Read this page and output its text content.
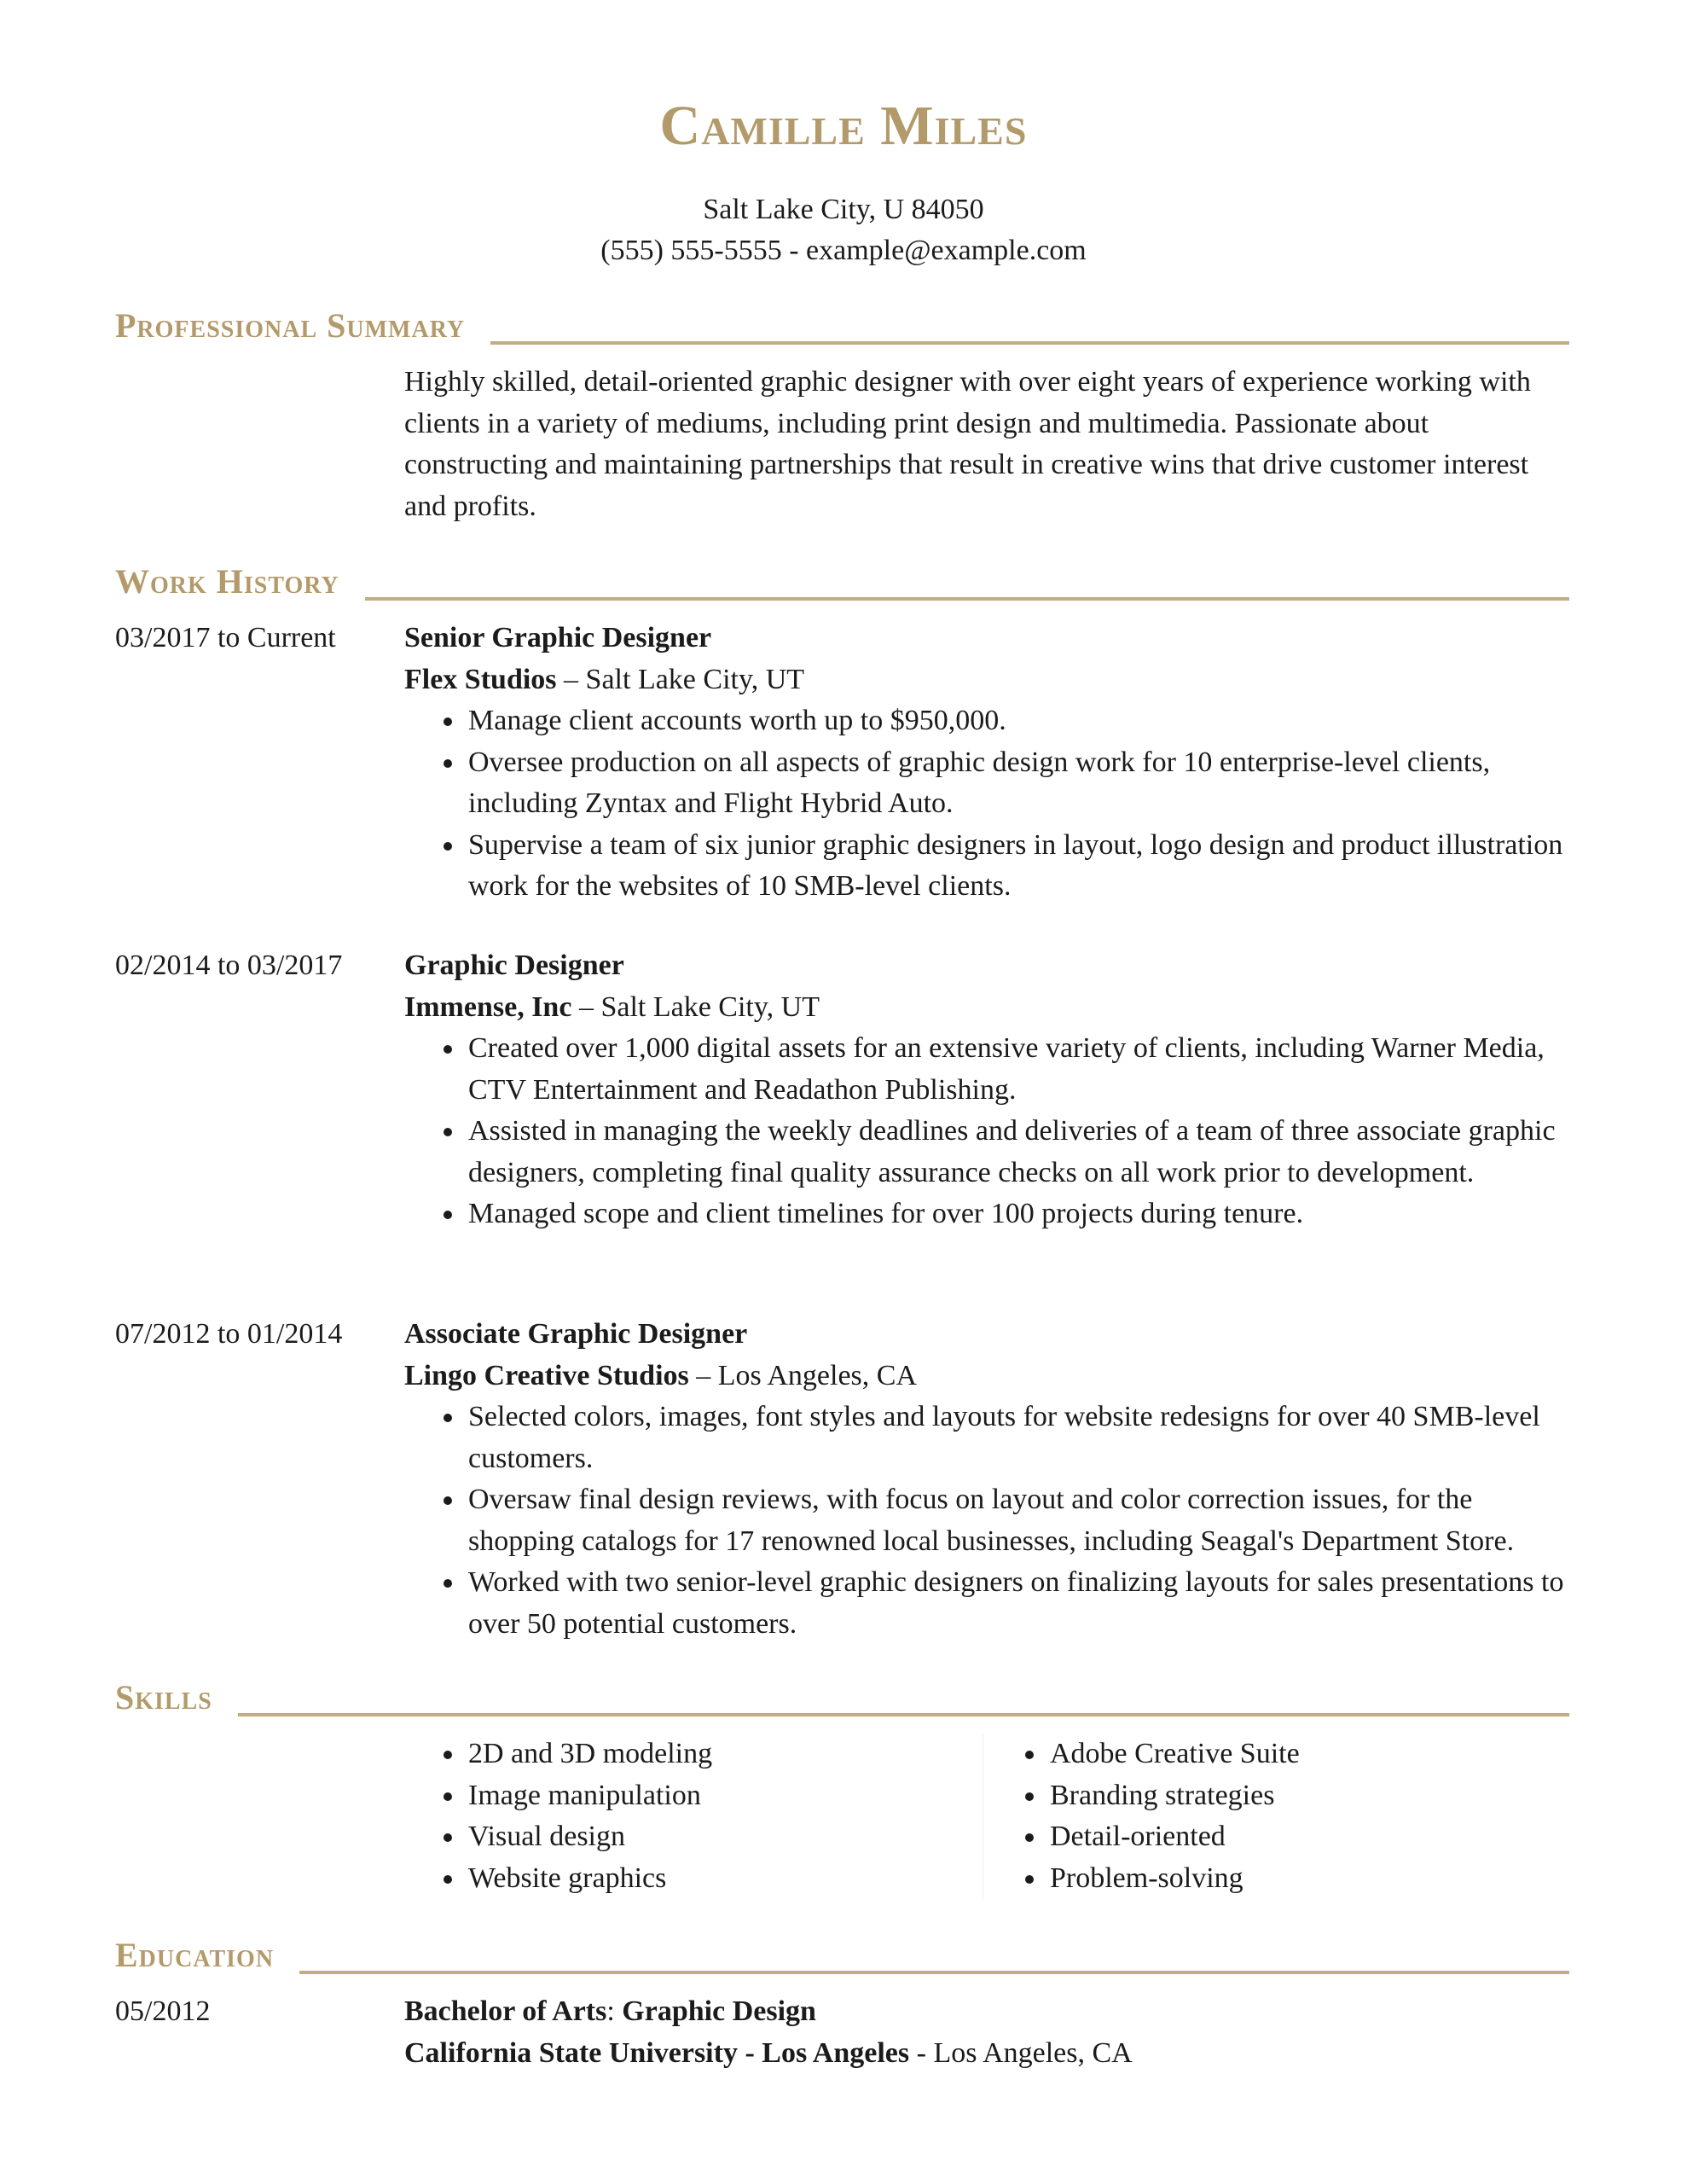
Camille Miles
Salt Lake City, U 84050
(555) 555-5555 - example@example.com
Professional Summary
Highly skilled, detail-oriented graphic designer with over eight years of experience working with clients in a variety of mediums, including print design and multimedia. Passionate about constructing and maintaining partnerships that result in creative wins that drive customer interest and profits.
Work History
03/2017 to Current Senior Graphic Designer
Flex Studios – Salt Lake City, UT
Manage client accounts worth up to $950,000.
Oversee production on all aspects of graphic design work for 10 enterprise-level clients, including Zyntax and Flight Hybrid Auto.
Supervise a team of six junior graphic designers in layout, logo design and product illustration work for the websites of 10 SMB-level clients.
02/2014 to 03/2017 Graphic Designer
Immense, Inc – Salt Lake City, UT
Created over 1,000 digital assets for an extensive variety of clients, including Warner Media, CTV Entertainment and Readathon Publishing.
Assisted in managing the weekly deadlines and deliveries of a team of three associate graphic designers, completing final quality assurance checks on all work prior to development.
Managed scope and client timelines for over 100 projects during tenure.
07/2012 to 01/2014 Associate Graphic Designer
Lingo Creative Studios – Los Angeles, CA
Selected colors, images, font styles and layouts for website redesigns for over 40 SMB-level customers.
Oversaw final design reviews, with focus on layout and color correction issues, for the shopping catalogs for 17 renowned local businesses, including Seagal's Department Store.
Worked with two senior-level graphic designers on finalizing layouts for sales presentations to over 50 potential customers.
Skills
2D and 3D modeling
Image manipulation
Visual design
Website graphics
Adobe Creative Suite
Branding strategies
Detail-oriented
Problem-solving
Education
05/2012	Bachelor of Arts: Graphic Design
California State University - Los Angeles - Los Angeles, CA
